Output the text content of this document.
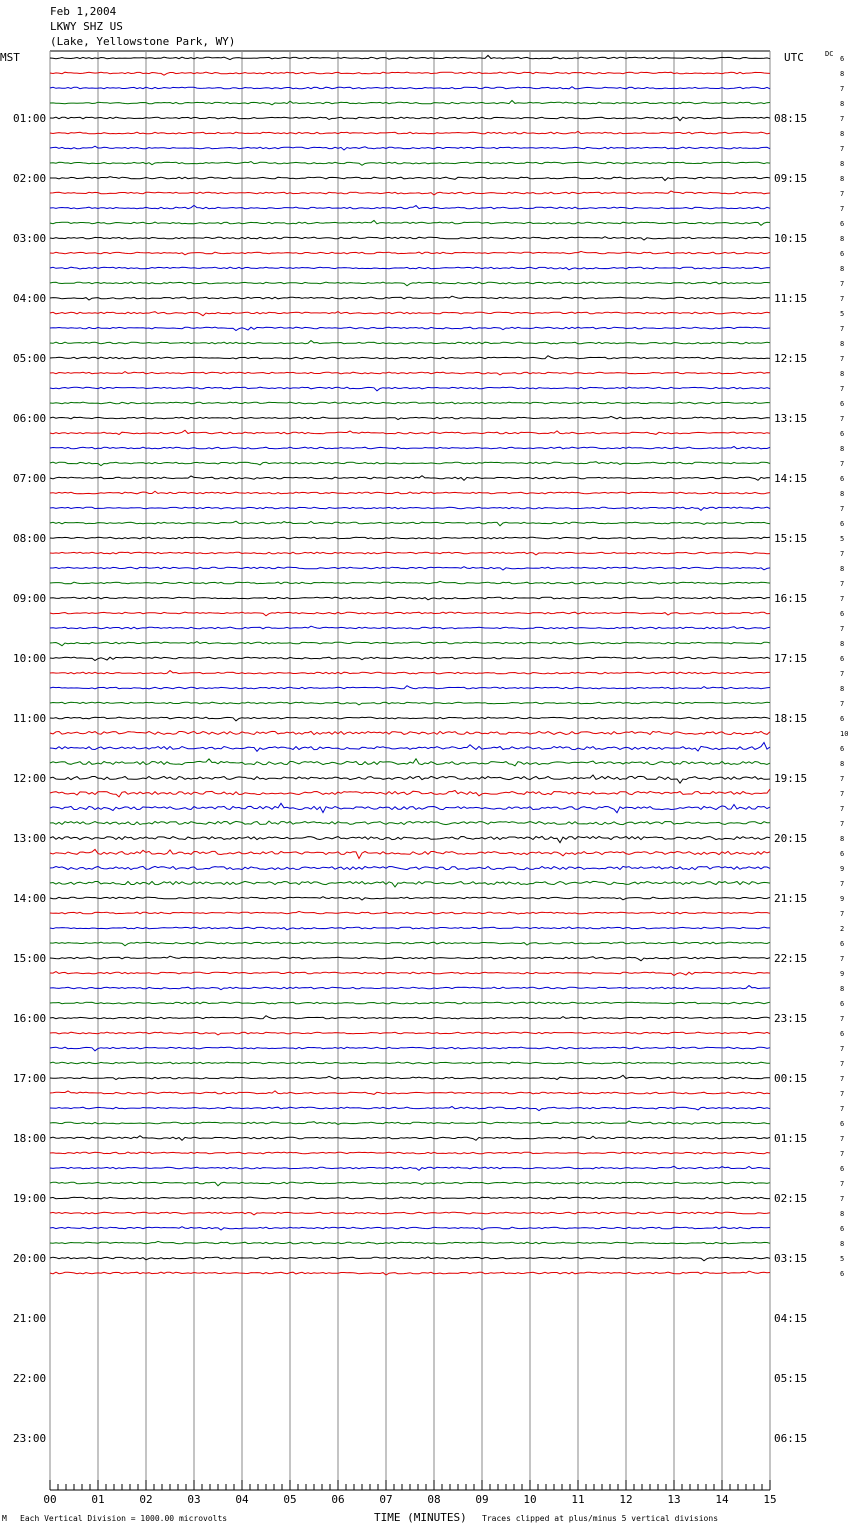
Feb 1,2004
LKWY SHZ US
(Lake, Yellowstone Park, WY)
MST	UTC	DC
6
8
7
8
7
8
7
8
8
7
7
6
8
6
8
7
7
5
7
8
7
8
7
6
7
6
8
7
6
8
7
6
5
7
8
7
7
6
7
8
6
7
8
7
6
10
6
8
7
7
7
7
8
6
9
7
9
7
2
6
7
9
8
6
7
6
7
7
7
7
7
6
7
7
6
7
7
8
6
8
5
6
01:00
02:00
03:00
04:00
05:00
06:00
07:00
08:00
09:00
10:00
11:00
12:00
13:00
14:00
15:00
16:00
17:00
18:00
19:00
20:00
21:00
22:00
23:00
08:15
09:15
10:15
11:15
12:15
13:15
14:15
15:15
16:15
17:15
18:15
19:15
20:15
21:15
22:15
23:15
00:15
01:15
02:15
03:15
04:15
05:15
06:15
00	01	02	03	04	05	06	07	08	09	10	11	12	13	14	15
TIME (MINUTES)
M Each Vertical Division = 1000.00 microvolts	Traces clipped at plus/minus 5 vertical divisions
